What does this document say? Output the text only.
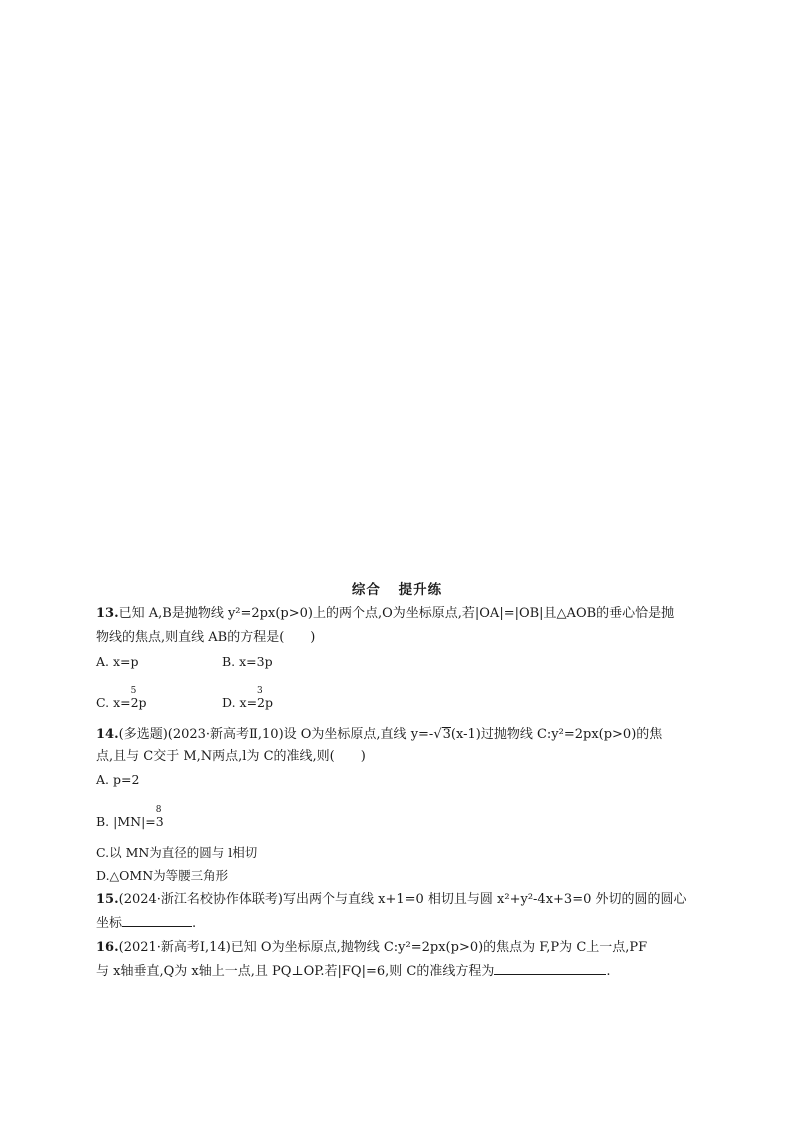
综合 提升练
13.已知 A,B是抛物线 y²=2px(p>0)上的两个点,O为坐标原点,若|OA|=|OB|且△AOB的垂心恰是抛
物线的焦点,则直线 AB的方程是(　　)
A. x=p	B. x=3p
C. x=
5
2p	D. x=
3
2p
14.(多选题)(2023·新高考Ⅱ,10)设 O为坐标原点,直线 y=-√3(x-1)过抛物线 C:y²=2px(p>0)的焦
点,且与 C交于 M,N两点,l为 C的准线,则(　　)
A. p=2
B. |MN|=
8
3
C.以 MN为直径的圆与 l相切
D.△OMN为等腰三角形
15.(2024·浙江名校协作体联考)写出两个与直线 x+1=0 相切且与圆 x²+y²-4x+3=0 外切的圆的圆心
坐标	.
16.(2021·新高考Ⅰ,14)已知 O为坐标原点,抛物线 C:y²=2px(p>0)的焦点为 F,P为 C上一点,PF
与 x轴垂直,Q为 x轴上一点,且 PQ⊥OP.若|FQ|=6,则 C的准线方程为	.
